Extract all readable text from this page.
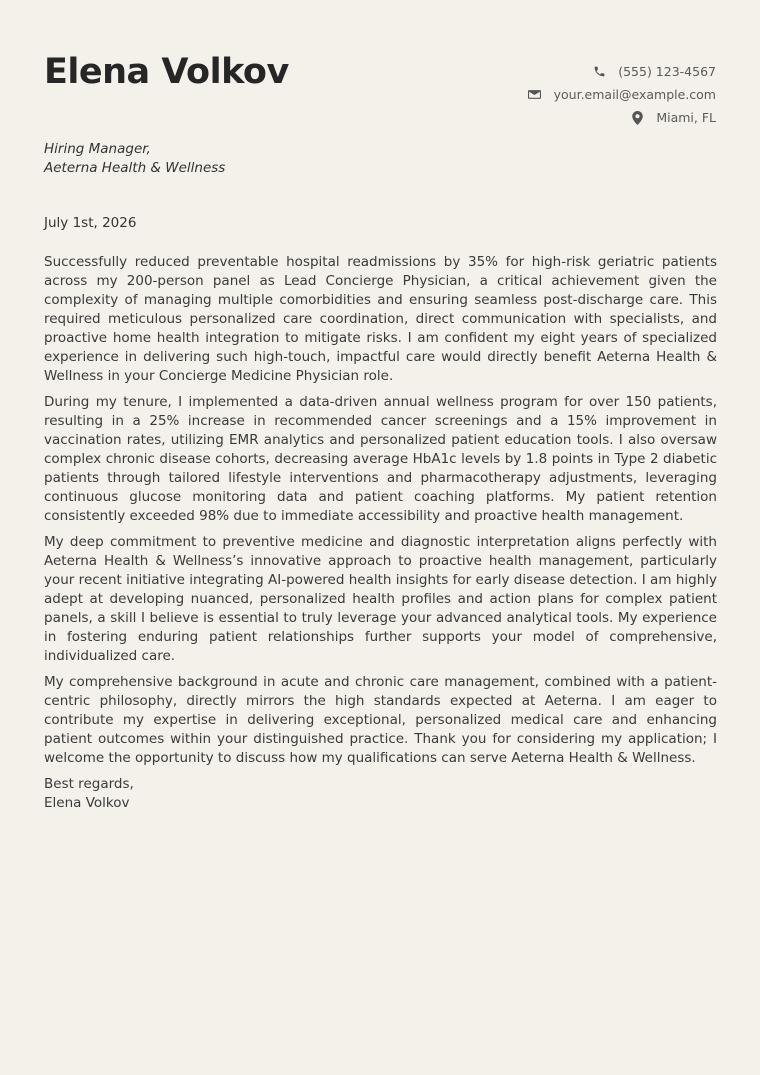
Elena Volkov	(555) 123-4567
your.email@example.com
Miami, FL
Hiring Manager,
Aeterna Health & Wellness
July 1st, 2026

Successfully reduced preventable hospital readmissions by 35% for high-risk geriatric patients across my 200-person panel as Lead Concierge Physician, a critical achievement given the complexity of managing multiple comorbidities and ensuring seamless post-discharge care. This required meticulous personalized care coordination, direct communication with specialists, and proactive home health integration to mitigate risks. I am confident my eight years of specialized experience in delivering such high-touch, impactful care would directly benefit Aeterna Health & Wellness in your Concierge Medicine Physician role.

During my tenure, I implemented a data-driven annual wellness program for over 150 patients, resulting in a 25% increase in recommended cancer screenings and a 15% improvement in vaccination rates, utilizing EMR analytics and personalized patient education tools. I also oversaw complex chronic disease cohorts, decreasing average HbA1c levels by 1.8 points in Type 2 diabetic patients through tailored lifestyle interventions and pharmacotherapy adjustments, leveraging continuous glucose monitoring data and patient coaching platforms. My patient retention consistently exceeded 98% due to immediate accessibility and proactive health management.

My deep commitment to preventive medicine and diagnostic interpretation aligns perfectly with Aeterna Health & Wellness’s innovative approach to proactive health management, particularly your recent initiative integrating AI-powered health insights for early disease detection. I am highly adept at developing nuanced, personalized health profiles and action plans for complex patient panels, a skill I believe is essential to truly leverage your advanced analytical tools. My experience in fostering enduring patient relationships further supports your model of comprehensive, individualized care.

My comprehensive background in acute and chronic care management, combined with a patient-centric philosophy, directly mirrors the high standards expected at Aeterna. I am eager to contribute my expertise in delivering exceptional, personalized medical care and enhancing patient outcomes within your distinguished practice. Thank you for considering my application; I welcome the opportunity to discuss how my qualifications can serve Aeterna Health & Wellness.

Best regards,
Elena Volkov
